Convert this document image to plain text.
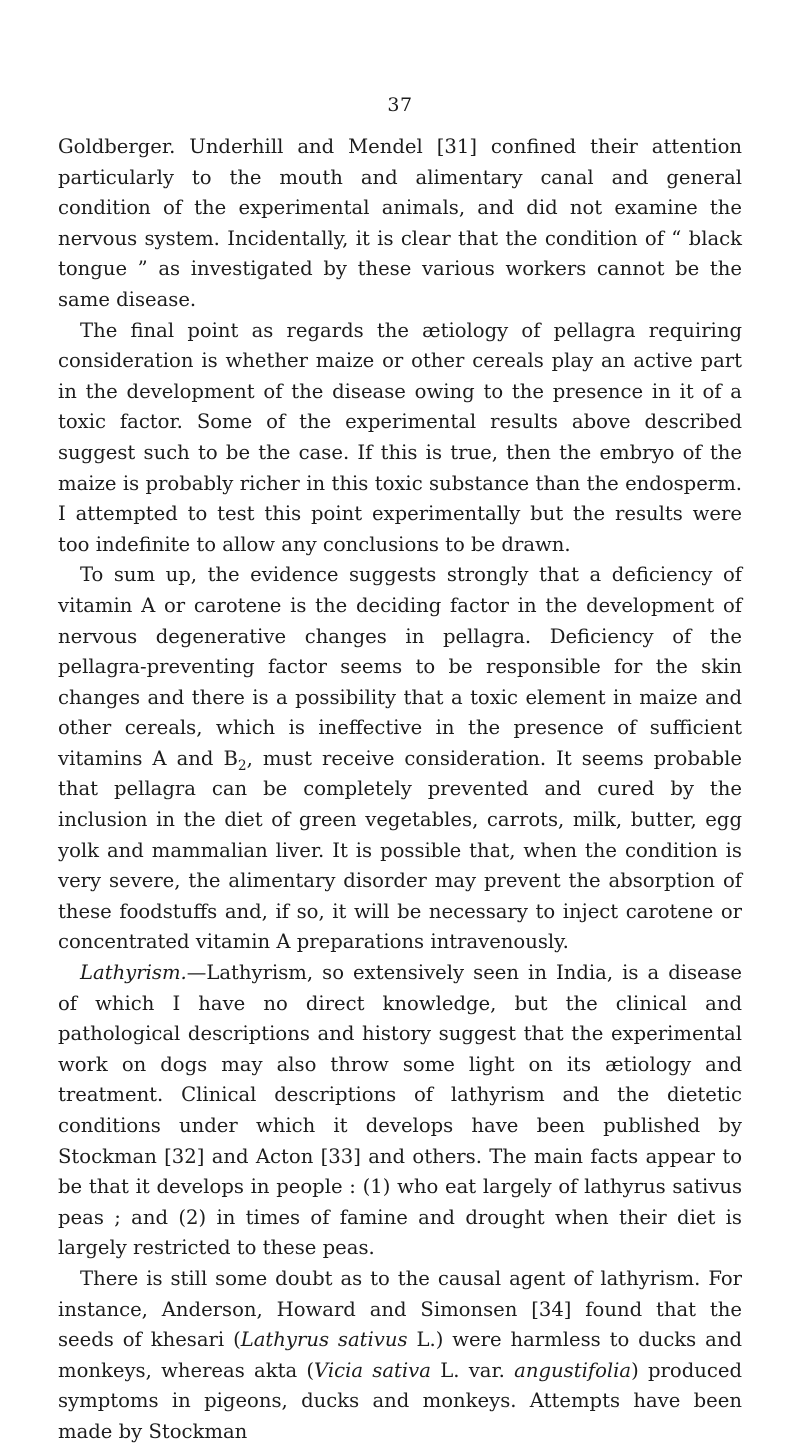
37

Goldberger. Underhill and Mendel [31] confined their attention particularly to the mouth and alimentary canal and general condition of the experimental animals, and did not examine the nervous system. Incidentally, it is clear that the condition of “ black tongue ” as investigated by these various workers cannot be the same disease.

The final point as regards the ætiology of pellagra requiring consideration is whether maize or other cereals play an active part in the development of the disease owing to the presence in it of a toxic factor. Some of the experimental results above described suggest such to be the case. If this is true, then the embryo of the maize is probably richer in this toxic substance than the endosperm. I attempted to test this point experimentally but the results were too indefinite to allow any conclusions to be drawn.

To sum up, the evidence suggests strongly that a deficiency of vitamin A or carotene is the deciding factor in the development of nervous degenerative changes in pellagra. Deficiency of the pellagra-preventing factor seems to be responsible for the skin changes and there is a possibility that a toxic element in maize and other cereals, which is ineffective in the presence of sufficient vitamins A and $B_2$, must receive consideration. It seems probable that pellagra can be completely prevented and cured by the inclusion in the diet of green vegetables, carrots, milk, butter, egg yolk and mammalian liver. It is possible that, when the condition is very severe, the alimentary disorder may prevent the absorption of these foodstuffs and, if so, it will be necessary to inject carotene or concentrated vitamin A preparations intravenously.

Lathyrism.—Lathyrism, so extensively seen in India, is a disease of which I have no direct knowledge, but the clinical and pathological descriptions and history suggest that the experimental work on dogs may also throw some light on its ætiology and treatment. Clinical descriptions of lathyrism and the dietetic conditions under which it develops have been published by Stockman [32] and Acton [33] and others. The main facts appear to be that it develops in people : (1) who eat largely of lathyrus sativus peas ; and (2) in times of famine and drought when their diet is largely restricted to these peas.

There is still some doubt as to the causal agent of lathyrism. For instance, Anderson, Howard and Simonsen [34] found that the seeds of khesari (Lathyrus sativus L.) were harmless to ducks and monkeys, whereas akta (Vicia sativa L. var. angustifolia) produced symptoms in pigeons, ducks and monkeys. Attempts have been made by Stockman
